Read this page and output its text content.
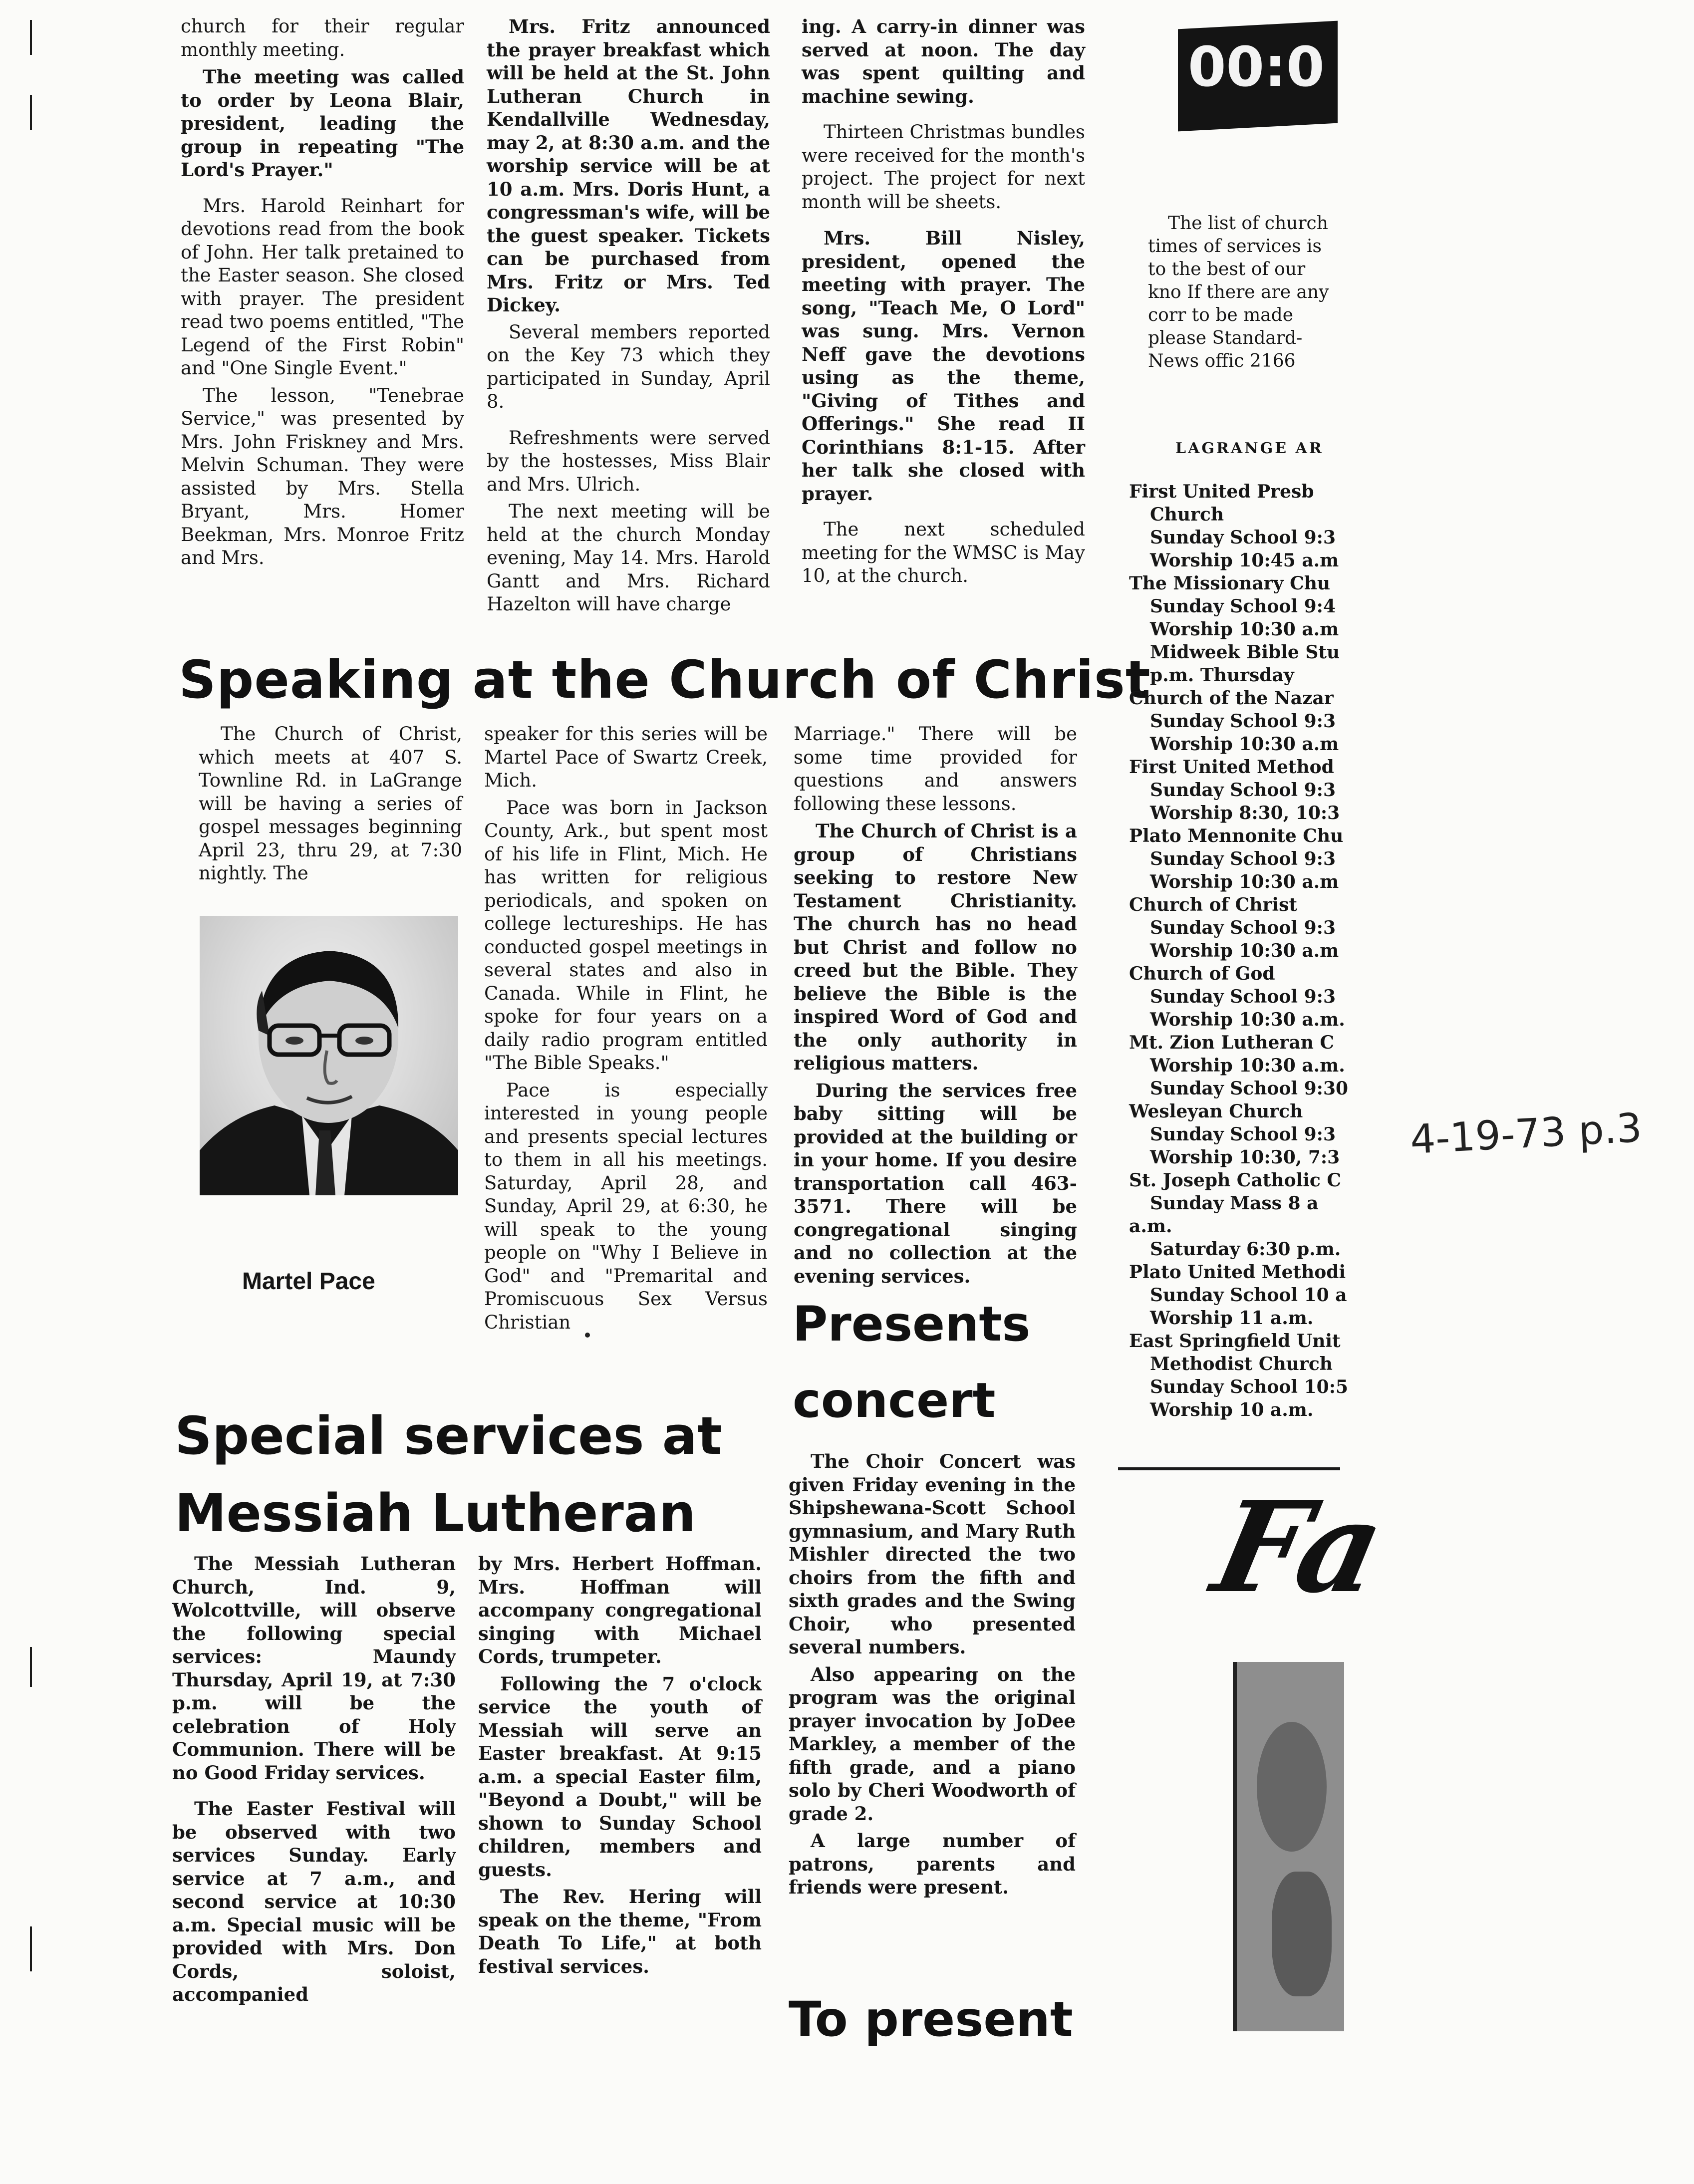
church for their regular monthly meeting.

The meeting was called to order by Leona Blair, president, leading the group in repeating "The Lord's Prayer."

Mrs. Harold Reinhart for devotions read from the book of John. Her talk pretained to the Easter season. She closed with prayer. The president read two poems entitled, "The Legend of the First Robin" and "One Single Event."

The lesson, "Tenebrae Service," was presented by Mrs. John Friskney and Mrs. Melvin Schuman. They were assisted by Mrs. Stella Bryant, Mrs. Homer Beekman, Mrs. Monroe Fritz and Mrs.

Mrs. Fritz announced the prayer breakfast which will be held at the St. John Lutheran Church in Kendallville Wednesday, may 2, at 8:30 a.m. and the worship service will be at 10 a.m. Mrs. Doris Hunt, a congressman's wife, will be the guest speaker. Tickets can be purchased from Mrs. Fritz or Mrs. Ted Dickey.

Several members reported on the Key 73 which they participated in Sunday, April 8.

Refreshments were served by the hostesses, Miss Blair and Mrs. Ulrich.

The next meeting will be held at the church Monday evening, May 14. Mrs. Harold Gantt and Mrs. Richard Hazelton will have charge

ing. A carry-in dinner was served at noon. The day was spent quilting and machine sewing.

Thirteen Christmas bundles were received for the month's project. The project for next month will be sheets.

Mrs. Bill Nisley, president, opened the meeting with prayer. The song, "Teach Me, O Lord" was sung. Mrs. Vernon Neff gave the devotions using as the theme, "Giving of Tithes and Offerings." She read II Corinthians 8:1-15. After her talk she closed with prayer.

The next scheduled meeting for the WMSC is May 10, at the church.

Speaking at the Church of Christ

The Church of Christ, which meets at 407 S. Townline Rd. in LaGrange will be having a series of gospel messages beginning April 23, thru 29, at 7:30 nightly. The

Martel Pace

speaker for this series will be Martel Pace of Swartz Creek, Mich.

Pace was born in Jackson County, Ark., but spent most of his life in Flint, Mich. He has written for religious periodicals, and spoken on college lectureships. He has conducted gospel meetings in several states and also in Canada. While in Flint, he spoke for four years on a daily radio program entitled "The Bible Speaks."

Pace is especially interested in young people and presents special lectures to them in all his meetings. Saturday, April 28, and Sunday, April 29, at 6:30, he will speak to the young people on "Why I Believe in God" and "Premarital and Promiscuous Sex Versus Christian

Marriage." There will be some time provided for questions and answers following these lessons.

The Church of Christ is a group of Christians seeking to restore New Testament Christianity. The church has no head but Christ and follow no creed but the Bible. They believe the Bible is the inspired Word of God and the only authority in religious matters.

During the services free baby sitting will be provided at the building or in your home. If you desire transportation call 463-3571. There will be congregational singing and no collection at the evening services.

Presents
concert

The Choir Concert was given Friday evening in the Shipshewana-Scott School gymnasium, and Mary Ruth Mishler directed the two choirs from the fifth and sixth grades and the Swing Choir, who presented several numbers.

Also appearing on the program was the original prayer invocation by JoDee Markley, a member of the fifth grade, and a piano solo by Cheri Woodworth of grade 2.

A large number of patrons, parents and friends were present.

To present
Special services at
Messiah Lutheran

The Messiah Lutheran Church, Ind. 9, Wolcottville, will observe the following special services: Maundy Thursday, April 19, at 7:30 p.m. will be the celebration of Holy Communion. There will be no Good Friday services.

The Easter Festival will be observed with two services Sunday. Early service at 7 a.m., and second service at 10:30 a.m. Special music will be provided with Mrs. Don Cords, soloist, accompanied

by Mrs. Herbert Hoffman. Mrs. Hoffman will accompany congregational singing with Michael Cords, trumpeter.

Following the 7 o'clock service the youth of Messiah will serve an Easter breakfast. At 9:15 a.m. a special Easter film, "Beyond a Doubt," will be shown to Sunday School children, members and guests.

The Rev. Hering will speak on the theme, "From Death To Life," at both festival services.

00:0
The list of church times of services is to the best of our kno If there are any corr to be made please Standard-News offic 2166
LAGRANGE AR
First United Presb
Church
Sunday School 9:3
Worship 10:45 a.m
The Missionary Chu
Sunday School 9:4
Worship 10:30 a.m
Midweek Bible Stu
p.m. Thursday
Church of the Nazar
Sunday School 9:3
Worship 10:30 a.m
First United Method
Sunday School 9:3
Worship 8:30, 10:3
Plato Mennonite Chu
Sunday School 9:3
Worship 10:30 a.m
Church of Christ
Sunday School 9:3
Worship 10:30 a.m
Church of God
Sunday School 9:3
Worship 10:30 a.m.
Mt. Zion Lutheran C
Worship 10:30 a.m.
Sunday School 9:30
Wesleyan Church
Sunday School 9:3
Worship 10:30, 7:3
St. Joseph Catholic C
Sunday Mass 8 a
a.m.
Saturday 6:30 p.m.
Plato United Methodi
Sunday School 10 a
Worship 11 a.m.
East Springfield Unit
Methodist Church
Sunday School 10:5
Worship 10 a.m.
Fa
4-19-73 p.3
